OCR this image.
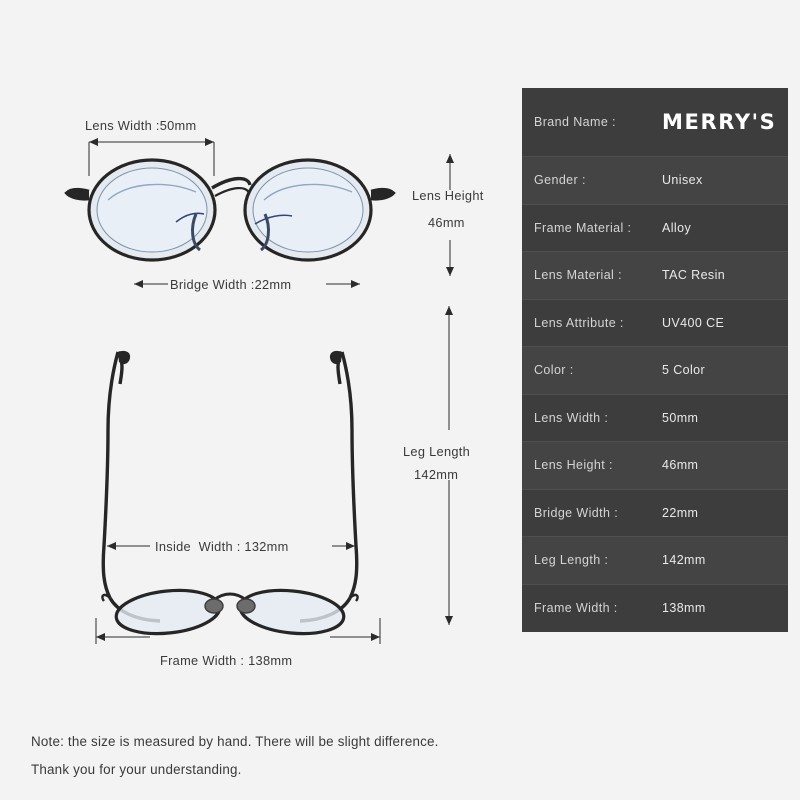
Lens Width :50mm
Bridge Width :22mm
Lens Height
46mm
Leg Length
142mm
Inside  Width : 132mm
Frame Width : 138mm
Brand Name :	MERRY'S
Gender :	Unisex
Frame Material :	Alloy
Lens Material :	TAC Resin
Lens Attribute :	UV400 CE
Color :	5 Color
Lens Width :	50mm
Lens Height :	46mm
Bridge Width :	22mm
Leg Length :	142mm
Frame Width :	138mm
Note: the size is measured by hand. There will be slight difference.
Thank you for your understanding.
